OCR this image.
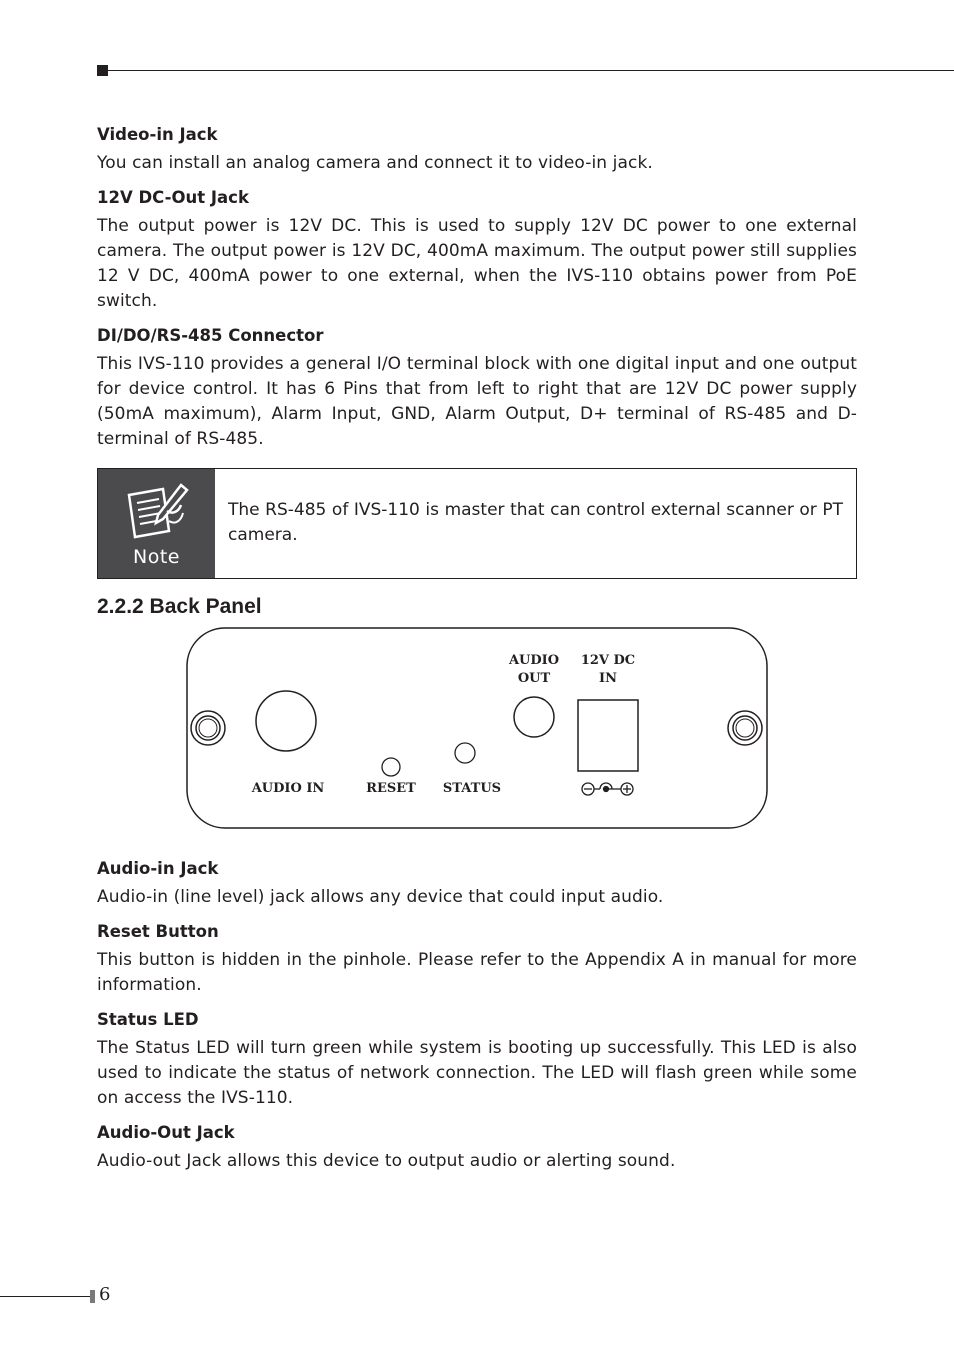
Video-in Jack

You can install an analog camera and connect it to video-in jack.

12V DC-Out Jack

The output power is 12V DC. This is used to supply 12V DC power to one external camera. The output power is 12V DC, 400mA maximum. The output power still supplies 12 V DC, 400mA power to one external, when the IVS-110 obtains power from PoE switch.

DI/DO/RS-485 Connector

This IVS-110 provides a general I/O terminal block with one digital input and one output for device control. It has 6 Pins that from left to right that are 12V DC power supply (50mA maximum), Alarm Input, GND, Alarm Output, D+ terminal of RS-485 and D- terminal of RS-485.

Note
The RS-485 of IVS-110 is master that can control external scanner or PT camera.
2.2.2 Back Panel
AUDIO
OUT
12V DC
IN
AUDIO IN	RESET	STATUS
Audio-in Jack

Audio-in (line level) jack allows any device that could input audio.

Reset Button

This button is hidden in the pinhole. Please refer to the Appendix A in manual for more information.

Status LED

The Status LED will turn green while system is booting up successfully. This LED is also used to indicate the status of network connection. The LED will flash green while some on access the IVS-110.

Audio-Out Jack

Audio-out Jack allows this device to output audio or alerting sound.

6
